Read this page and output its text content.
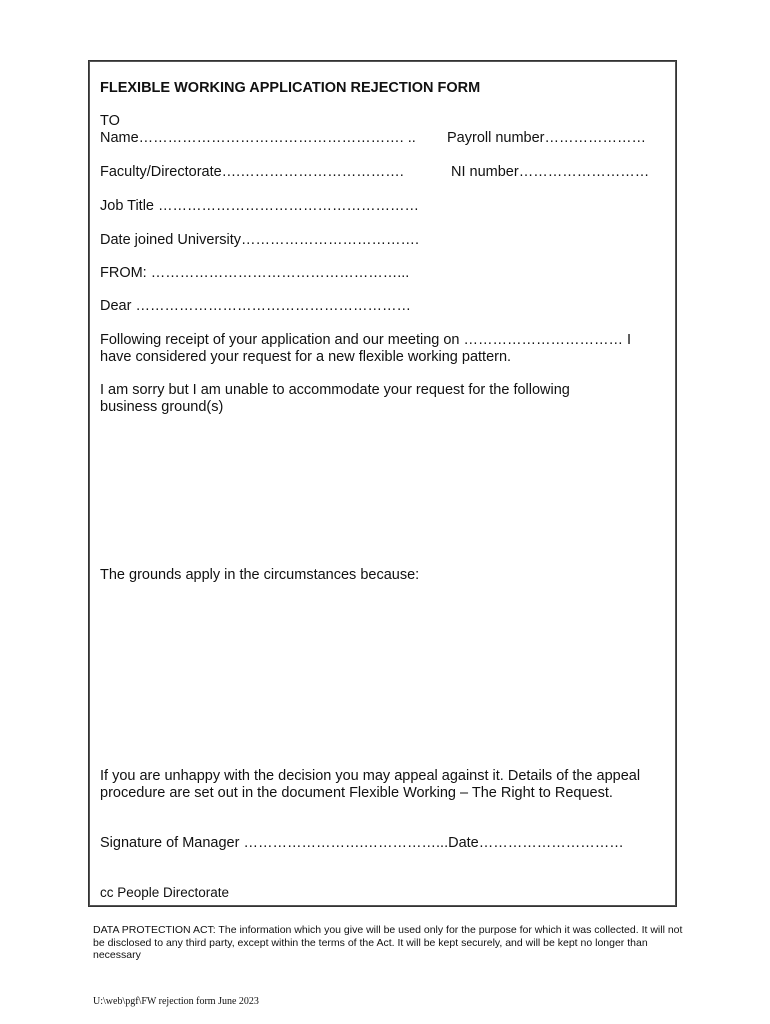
FLEXIBLE WORKING APPLICATION REJECTION FORM
TO
Name………………………………………………. .. Payroll number…………………
Faculty/Directorate….…………………………….	NI number………………………
Job Title ………………………………………………
Date joined University……………………………….
FROM: ……………………………………………...
Dear …………………………………………………
Following receipt of your application and our meeting on …………………………… I have considered your request for a new flexible working pattern.
I am sorry but I am unable to accommodate your request for the following business ground(s)
The grounds apply in the circumstances because:
If you are unhappy with the decision you may appeal against it. Details of the appeal procedure are set out in the document Flexible Working – The Right to Request.
Signature of Manager …………………….……………...Date…………………………
cc People Directorate
DATA PROTECTION ACT: The information which you give will be used only for the purpose for which it was collected. It will not be disclosed to any third party, except within the terms of the Act. It will be kept securely, and will be kept no longer than necessary
U:\web\pgf\FW rejection form June 2023
